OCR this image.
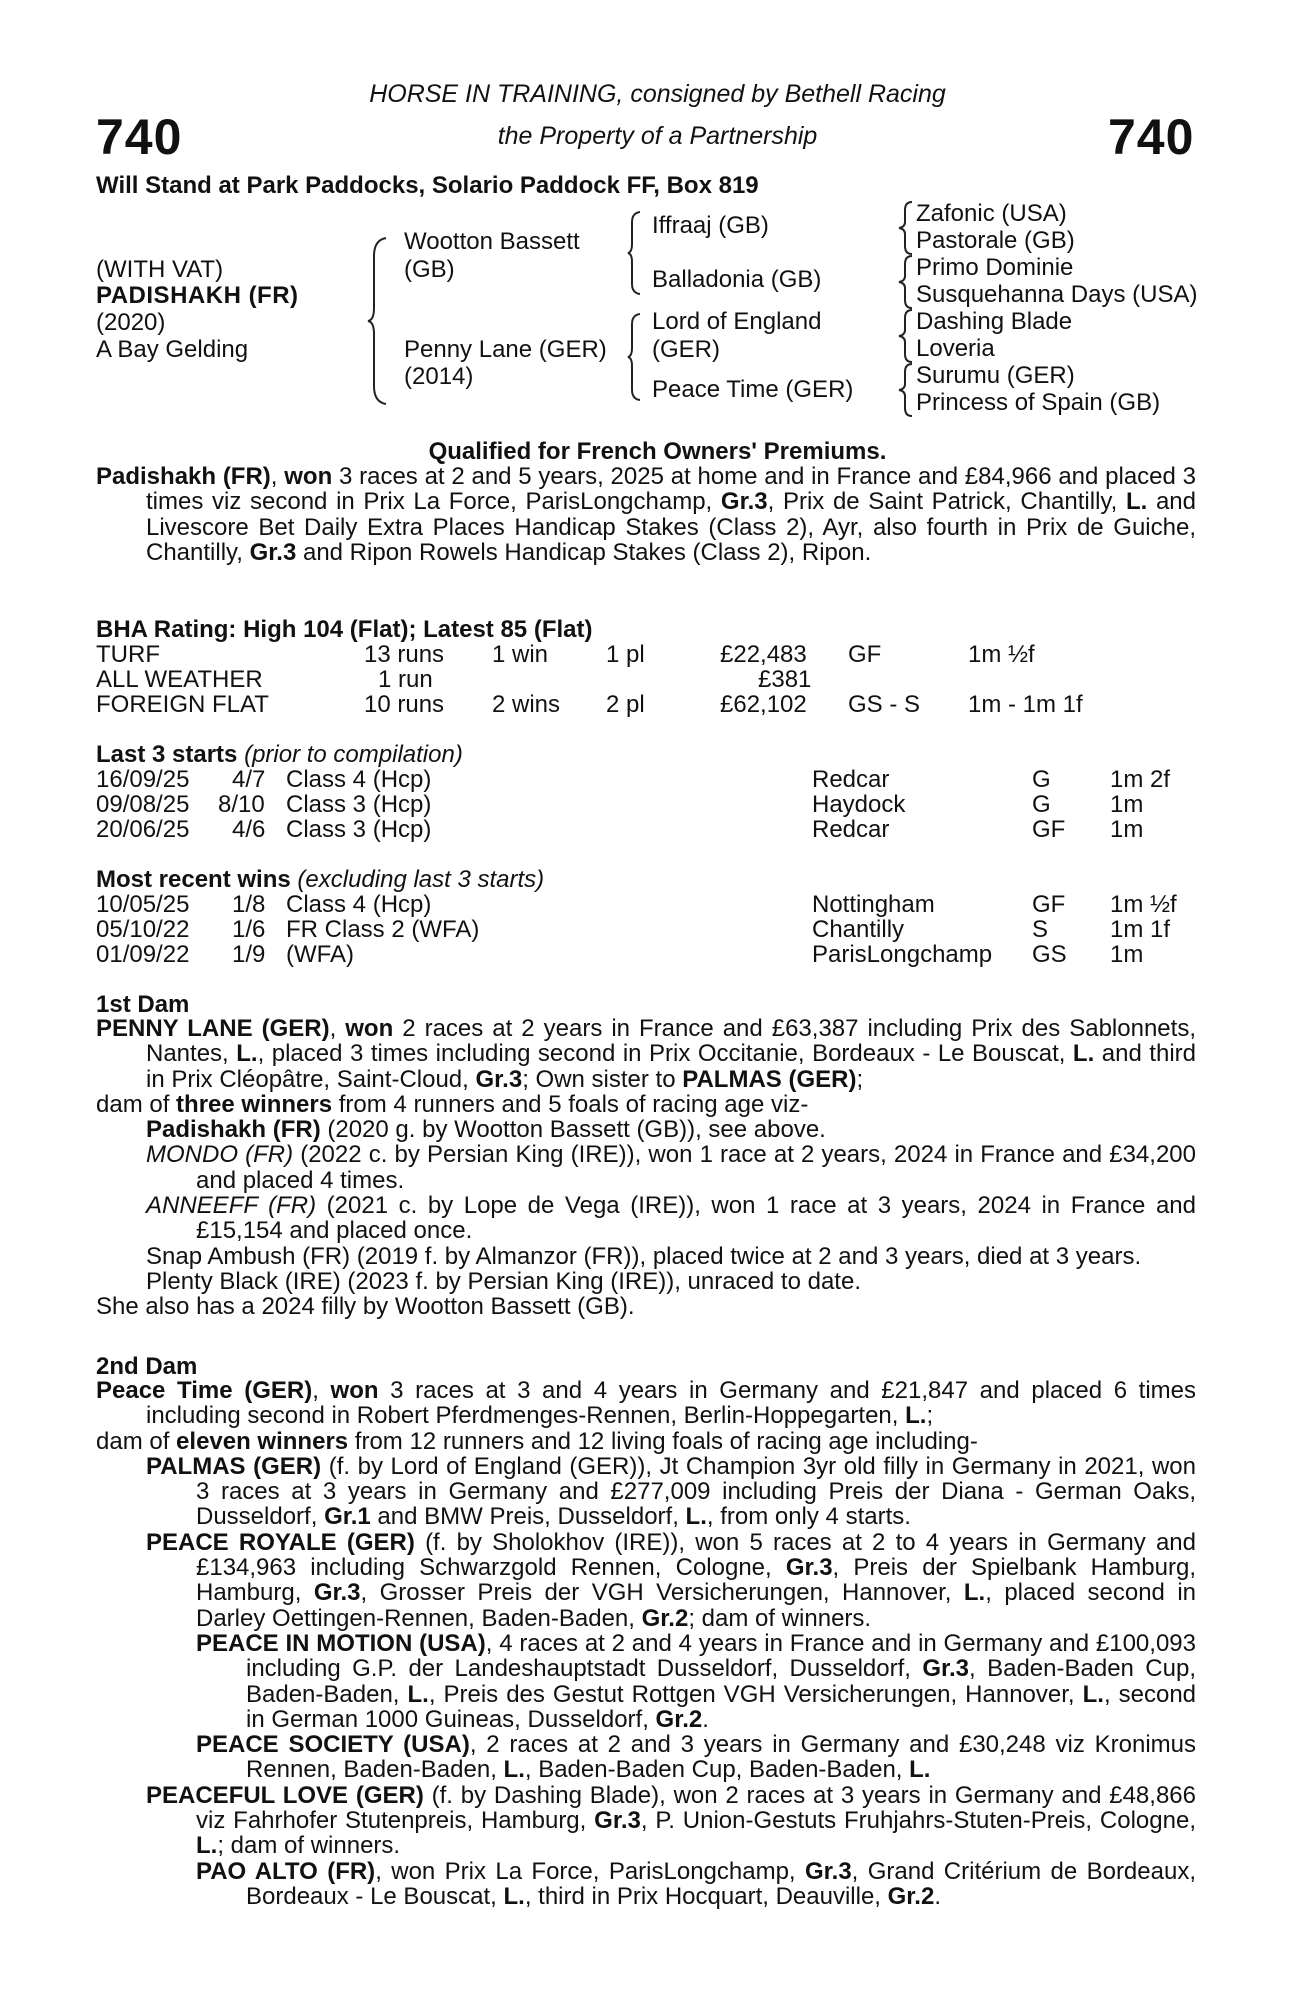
740	740
HORSE IN TRAINING, consigned by Bethell Racing
the Property of a Partnership
Will Stand at Park Paddocks, Solario Paddock FF, Box 819
(WITH VAT)
PADISHAKH (FR)
(2020)
A Bay Gelding
Wootton Bassett
(GB)
Penny Lane (GER)
(2014)
Iffraaj (GB)
Balladonia (GB)
Lord of England
(GER)
Peace Time (GER)
Zafonic (USA)
Pastorale (GB)
Primo Dominie
Susquehanna Days (USA)
Dashing Blade
Loveria
Surumu (GER)
Princess of Spain (GB)
Qualified for French Owners' Premiums.
Padishakh (FR), won 3 races at 2 and 5 years, 2025 at home and in France and £84,966 and placed 3 times viz second in Prix La Force, ParisLongchamp, Gr.3, Prix de Saint Patrick, Chantilly, L. and Livescore Bet Daily Extra Places Handicap Stakes (Class 2), Ayr, also fourth in Prix de Guiche, Chantilly, Gr.3 and Ripon Rowels Handicap Stakes (Class 2), Ripon.
BHA Rating: High 104 (Flat); Latest 85 (Flat)
TURF	13 runs 1 win 1 pl	£22,483 GF	1m ½f
ALL WEATHER	1 run	£381
FOREIGN FLAT	10 runs 2 wins 2 pl	£62,102 GS - S 1m - 1m 1f
Last 3 starts (prior to compilation)
16/09/25 4/7 Class 4 (Hcp)	Redcar	G 1m 2f
09/08/25 8/10 Class 3 (Hcp)	Haydock	G 1m
20/06/25 4/6 Class 3 (Hcp)	Redcar	GF 1m
Most recent wins (excluding last 3 starts)
10/05/25 1/8 Class 4 (Hcp)	Nottingham	GF 1m ½f
05/10/22 1/6 FR Class 2 (WFA)	Chantilly	S	1m 1f
01/09/22 1/9 (WFA)	ParisLongchamp GS 1m
1st Dam
PENNY LANE (GER), won 2 races at 2 years in France and £63,387 including Prix des Sablonnets, Nantes, L., placed 3 times including second in Prix Occitanie, Bordeaux - Le Bouscat, L. and third in Prix Cléopâtre, Saint-Cloud, Gr.3; Own sister to PALMAS (GER);
dam of three winners from 4 runners and 5 foals of racing age viz-
Padishakh (FR) (2020 g. by Wootton Bassett (GB)), see above.
MONDO (FR) (2022 c. by Persian King (IRE)), won 1 race at 2 years, 2024 in France and £34,200 and placed 4 times.
ANNEEFF (FR) (2021 c. by Lope de Vega (IRE)), won 1 race at 3 years, 2024 in France and £15,154 and placed once.
Snap Ambush (FR) (2019 f. by Almanzor (FR)), placed twice at 2 and 3 years, died at 3 years.
Plenty Black (IRE) (2023 f. by Persian King (IRE)), unraced to date.
She also has a 2024 filly by Wootton Bassett (GB).
2nd Dam
Peace Time (GER), won 3 races at 3 and 4 years in Germany and £21,847 and placed 6 times including second in Robert Pferdmenges-Rennen, Berlin-Hoppegarten, L.;
dam of eleven winners from 12 runners and 12 living foals of racing age including-
PALMAS (GER) (f. by Lord of England (GER)), Jt Champion 3yr old filly in Germany in 2021, won 3 races at 3 years in Germany and £277,009 including Preis der Diana - German Oaks, Dusseldorf, Gr.1 and BMW Preis, Dusseldorf, L., from only 4 starts.
PEACE ROYALE (GER) (f. by Sholokhov (IRE)), won 5 races at 2 to 4 years in Germany and £134,963 including Schwarzgold Rennen, Cologne, Gr.3, Preis der Spielbank Hamburg, Hamburg, Gr.3, Grosser Preis der VGH Versicherungen, Hannover, L., placed second in Darley Oettingen-Rennen, Baden-Baden, Gr.2; dam of winners.
PEACE IN MOTION (USA), 4 races at 2 and 4 years in France and in Germany and £100,093 including G.P. der Landeshauptstadt Dusseldorf, Dusseldorf, Gr.3, Baden-Baden Cup, Baden-Baden, L., Preis des Gestut Rottgen VGH Versicherungen, Hannover, L., second in German 1000 Guineas, Dusseldorf, Gr.2.
PEACE SOCIETY (USA), 2 races at 2 and 3 years in Germany and £30,248 viz Kronimus Rennen, Baden-Baden, L., Baden-Baden Cup, Baden-Baden, L.
PEACEFUL LOVE (GER) (f. by Dashing Blade), won 2 races at 3 years in Germany and £48,866 viz Fahrhofer Stutenpreis, Hamburg, Gr.3, P. Union-Gestuts Fruhjahrs-Stuten-Preis, Cologne, L.; dam of winners.
PAO ALTO (FR), won Prix La Force, ParisLongchamp, Gr.3, Grand Critérium de Bordeaux, Bordeaux - Le Bouscat, L., third in Prix Hocquart, Deauville, Gr.2.
